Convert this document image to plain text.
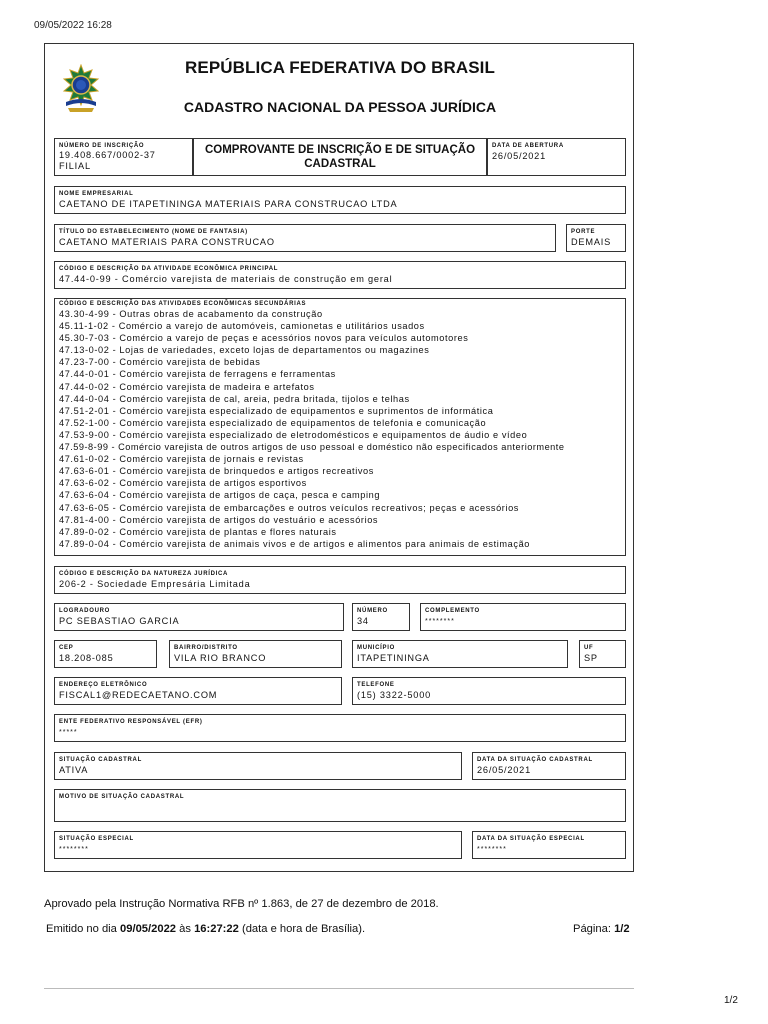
09/05/2022 16:28
REPÚBLICA FEDERATIVA DO BRASIL
CADASTRO NACIONAL DA PESSOA JURÍDICA
NÚMERO DE INSCRIÇÃO
19.408.667/0002-37
FILIAL
COMPROVANTE DE INSCRIÇÃO E DE SITUAÇÃO
CADASTRAL
DATA DE ABERTURA
26/05/2021
NOME EMPRESARIAL
CAETANO DE ITAPETININGA MATERIAIS PARA CONSTRUCAO LTDA
TÍTULO DO ESTABELECIMENTO (NOME DE FANTASIA)
CAETANO MATERIAIS PARA CONSTRUCAO
PORTE
DEMAIS
CÓDIGO E DESCRIÇÃO DA ATIVIDADE ECONÔMICA PRINCIPAL
47.44-0-99 - Comércio varejista de materiais de construção em geral
CÓDIGO E DESCRIÇÃO DAS ATIVIDADES ECONÔMICAS SECUNDÁRIAS
43.30-4-99 - Outras obras de acabamento da construção
45.11-1-02 - Comércio a varejo de automóveis, camionetas e utilitários usados
45.30-7-03 - Comércio a varejo de peças e acessórios novos para veículos automotores
47.13-0-02 - Lojas de variedades, exceto lojas de departamentos ou magazines
47.23-7-00 - Comércio varejista de bebidas
47.44-0-01 - Comércio varejista de ferragens e ferramentas
47.44-0-02 - Comércio varejista de madeira e artefatos
47.44-0-04 - Comércio varejista de cal, areia, pedra britada, tijolos e telhas
47.51-2-01 - Comércio varejista especializado de equipamentos e suprimentos de informática
47.52-1-00 - Comércio varejista especializado de equipamentos de telefonia e comunicação
47.53-9-00 - Comércio varejista especializado de eletrodomésticos e equipamentos de áudio e vídeo
47.59-8-99 - Comércio varejista de outros artigos de uso pessoal e doméstico não especificados anteriormente
47.61-0-02 - Comércio varejista de jornais e revistas
47.63-6-01 - Comércio varejista de brinquedos e artigos recreativos
47.63-6-02 - Comércio varejista de artigos esportivos
47.63-6-04 - Comércio varejista de artigos de caça, pesca e camping
47.63-6-05 - Comércio varejista de embarcações e outros veículos recreativos; peças e acessórios
47.81-4-00 - Comércio varejista de artigos do vestuário e acessórios
47.89-0-02 - Comércio varejista de plantas e flores naturais
47.89-0-04 - Comércio varejista de animais vivos e de artigos e alimentos para animais de estimação
CÓDIGO E DESCRIÇÃO DA NATUREZA JURÍDICA
206-2 - Sociedade Empresária Limitada
LOGRADOURO
PC SEBASTIAO GARCIA
NÚMERO
34
COMPLEMENTO
********
CEP
18.208-085
BAIRRO/DISTRITO
VILA RIO BRANCO
MUNICÍPIO
ITAPETININGA
UF
SP
ENDEREÇO ELETRÔNICO
FISCAL1@REDECAETANO.COM
TELEFONE
(15) 3322-5000
ENTE FEDERATIVO RESPONSÁVEL (EFR)
*****
SITUAÇÃO CADASTRAL
ATIVA
DATA DA SITUAÇÃO CADASTRAL
26/05/2021
MOTIVO DE SITUAÇÃO CADASTRAL
SITUAÇÃO ESPECIAL
********
DATA DA SITUAÇÃO ESPECIAL
********
Aprovado pela Instrução Normativa RFB nº 1.863, de 27 de dezembro de 2018.
Emitido no dia 09/05/2022 às 16:27:22 (data e hora de Brasília).	Página: 1/2
1/2
